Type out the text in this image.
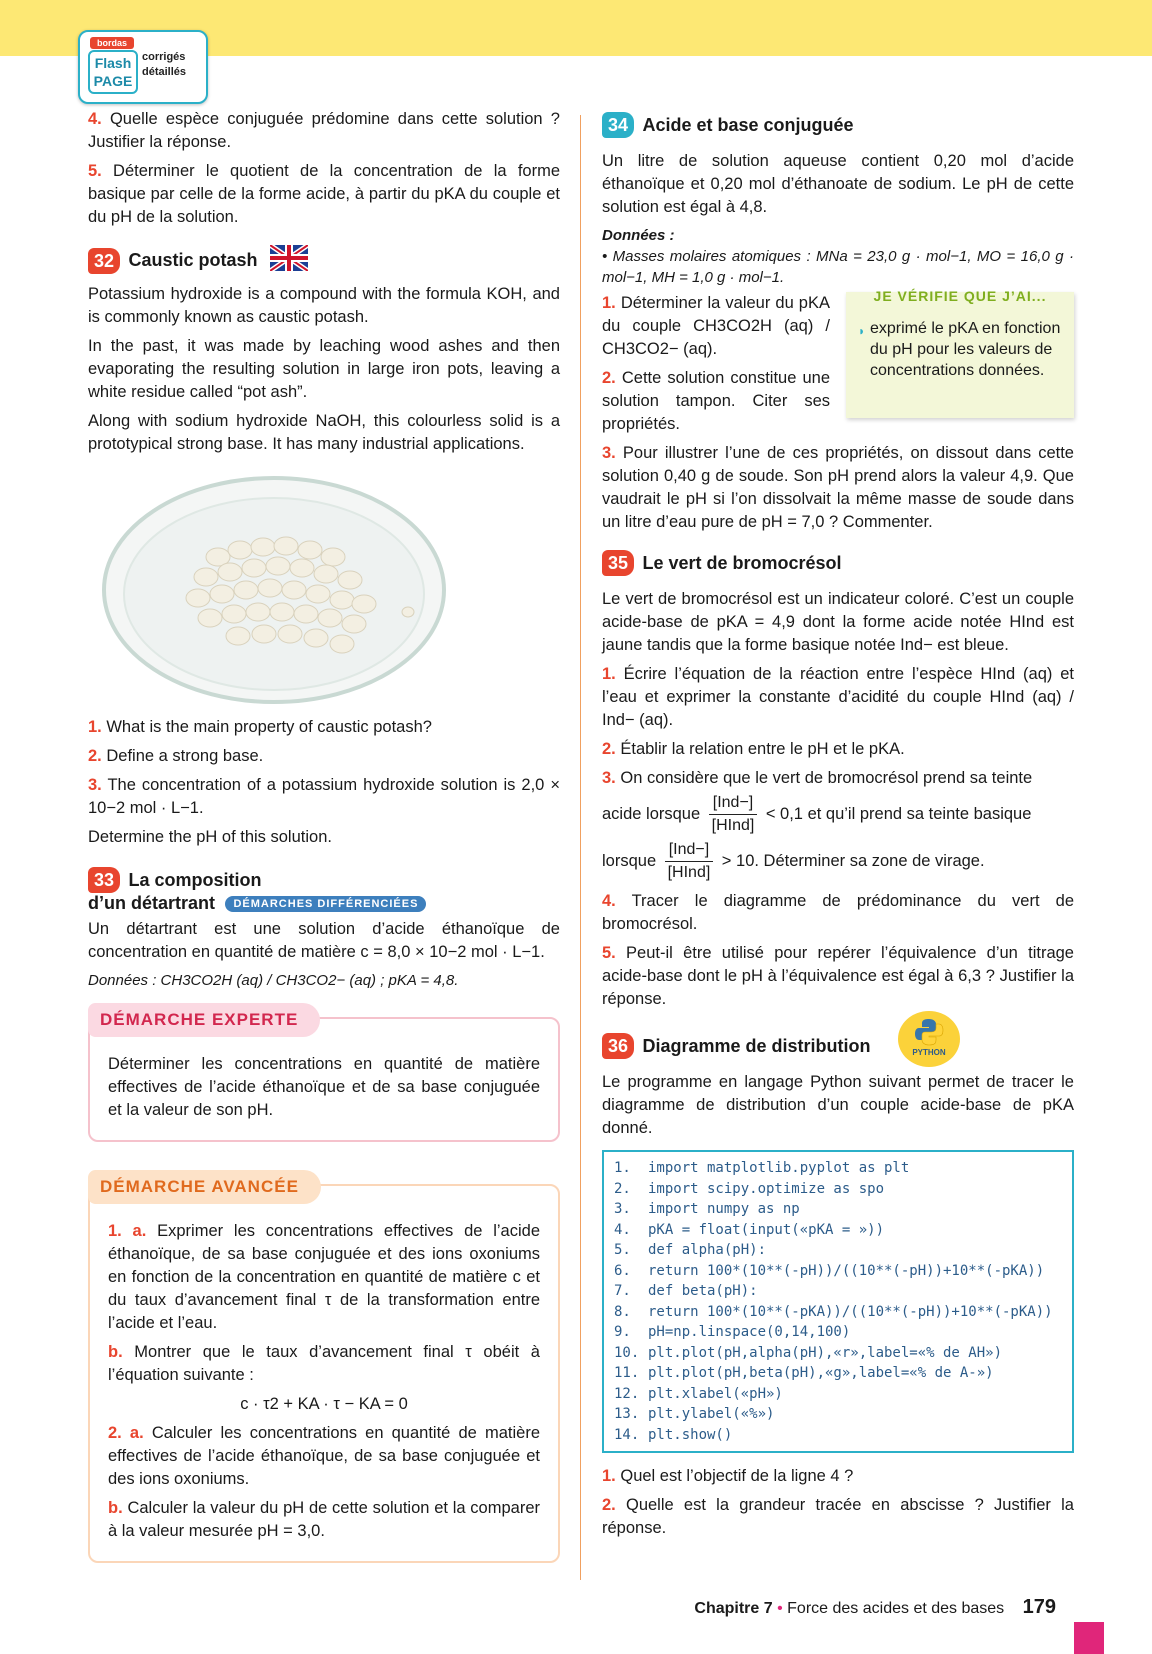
bordas
Flash
PAGE
corrigés
détaillés

4. Quelle espèce conjuguée prédomine dans cette solution ? Justifier la réponse.

5. Déterminer le quotient de la concentration de la forme basique par celle de la forme acide, à partir du pKA du couple et du pH de la solution.

32 Caustic potash

Potassium hydroxide is a compound with the formula KOH, and is commonly known as caustic potash.

In the past, it was made by leaching wood ashes and then evaporating the resulting solution in large iron pots, leaving a white residue called “pot ash”.

Along with sodium hydroxide NaOH, this colourless solid is a prototypical strong base. It has many industrial applications.

1. What is the main property of caustic potash?

2. Define a strong base.

3. The concentration of a potassium hydroxide solution is 2,0 × 10−2 mol · L−1.

Determine the pH of this solution.

33 La composition
d’un détartrant DÉMARCHES DIFFÉRENCIÉES

Un détartrant est une solution d’acide éthanoïque de concentration en quantité de matière c = 8,0 × 10−2 mol · L−1.

Données : CH3CO2H (aq) / CH3CO2− (aq) ; pKA = 4,8.

DÉMARCHE EXPERTE

Déterminer les concentrations en quantité de matière effectives de l’acide éthanoïque et de sa base conjuguée et la valeur de son pH.

DÉMARCHE AVANCÉE

1. a. Exprimer les concentrations effectives de l’acide éthanoïque, de sa base conjuguée et des ions oxoniums en fonction de la concentration en quantité de matière c et du taux d’avancement final τ de la transformation entre l’acide et l’eau.

b. Montrer que le taux d’avancement final τ obéit à l’équation suivante :

c · τ2 + KA · τ − KA = 0

2. a. Calculer les concentrations en quantité de matière effectives de l’acide éthanoïque, de sa base conjuguée et des ions oxoniums.

b. Calculer la valeur du pH de cette solution et la comparer à la valeur mesurée pH = 3,0.

34 Acide et base conjuguée

Un litre de solution aqueuse contient 0,20 mol d’acide éthanoïque et 0,20 mol d’éthanoate de sodium. Le pH de cette solution est égal à 4,8.

Données :
• Masses molaires atomiques : MNa = 23,0 g · mol−1, MO = 16,0 g · mol−1, MH = 1,0 g · mol−1.

JE VÉRIFIE QUE J’AI...
◗ exprimé le pKA en fonction du pH pour les valeurs de concentrations données.

1. Déterminer la valeur du pKA du couple CH3CO2H (aq) / CH3CO2− (aq).

2. Cette solution constitue une solution tampon. Citer ses propriétés.

3. Pour illustrer l’une de ces propriétés, on dissout dans cette solution 0,40 g de soude. Son pH prend alors la valeur 4,9. Que vaudrait le pH si l’on dissolvait la même masse de soude dans un litre d’eau pure de pH = 7,0 ? Commenter.

35 Le vert de bromocrésol

Le vert de bromocrésol est un indicateur coloré. C’est un couple acide-base de pKA = 4,9 dont la forme acide notée HInd est jaune tandis que la forme basique notée Ind− est bleue.

1. Écrire l’équation de la réaction entre l’espèce HInd (aq) et l’eau et exprimer la constante d’acidité du couple HInd (aq) / Ind− (aq).

2. Établir la relation entre le pH et le pKA.

3. On considère que le vert de bromocrésol prend sa teinte

acide lorsque $\frac{\text{[Ind−]}}{\text{[HInd]}} < 0,1$ et qu’il prend sa teinte basique

lorsque $\frac{\text{[Ind−]}}{\text{[HInd]}} > 10$. Déterminer sa zone de virage.

4. Tracer le diagramme de prédominance du vert de bromocrésol.

5. Peut-il être utilisé pour repérer l’équivalence d’un titrage acide-base dont le pH à l’équivalence est égal à 6,3 ? Justifier la réponse.

36 Diagramme de distribution	PYTHON

Le programme en langage Python suivant permet de tracer le diagramme de distribution d’un couple acide-base de pKA donné.

1. import matplotlib.pyplot as plt
2. import scipy.optimize as spo
3. import numpy as np
4. pKA = float(input(«pKA = »))
5. def alpha(pH):
6. return 100*(10**(-pH))/((10**(-pH))+10**(-pKA))
7. def beta(pH):
8. return 100*(10**(-pKA))/((10**(-pH))+10**(-pKA))
9. pH=np.linspace(0,14,100)
10. plt.plot(pH,alpha(pH),«r»,label=«% de AH»)
11. plt.plot(pH,beta(pH),«g»,label=«% de A-»)
12. plt.xlabel(«pH»)
13. plt.ylabel(«%»)
14. plt.show()

1. Quel est l’objectif de la ligne 4 ?

2. Quelle est la grandeur tracée en abscisse ? Justifier la réponse.

Chapitre 7 • Force des acides et des bases 179
